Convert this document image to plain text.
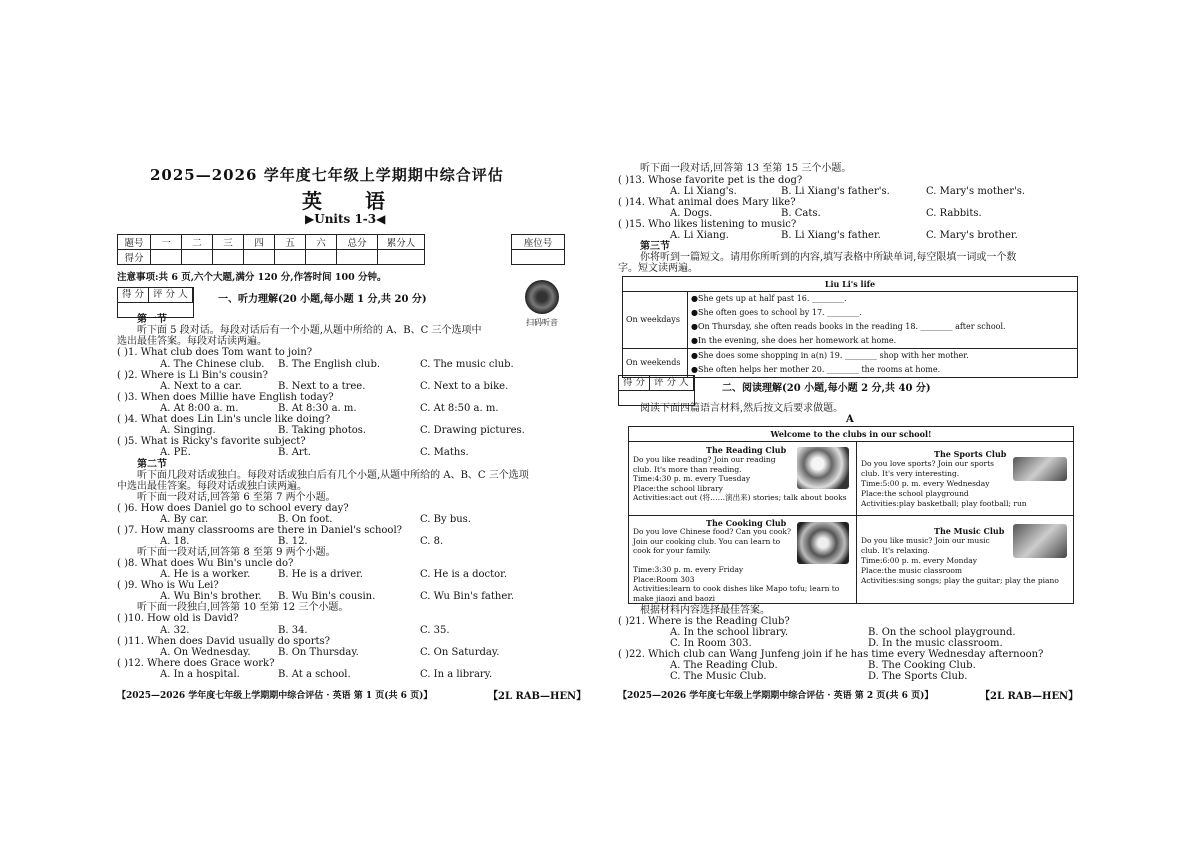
2025—2026 学年度七年级上学期期中综合评估
英 语
▶Units 1-3◀
题号	一	二	三	四	五	六	总分	累分人
得分								
座位号

注意事项:共 6 页,六个大题,满分 120 分,作答时间 100 分钟。
得 分 评 分 人	一、听力理解(20 小题,每小题 1 分,共 20 分)
扫码听音
第一节
听下面 5 段对话。每段对话后有一个小题,从题中所给的 A、B、C 三个选项中
选出最佳答案。每段对话读两遍。
( )1. What club does Tom want to join?
A. The Chinese club. B. The English club.	C. The music club.
( )2. Where is Li Bin's cousin?
A. Next to a car.	B. Next to a tree.	C. Next to a bike.
( )3. When does Millie have English today?
A. At 8:00 a. m.	B. At 8:30 a. m.	C. At 8:50 a. m.
( )4. What does Lin Lin's uncle like doing?
A. Singing.	B. Taking photos.	C. Drawing pictures.
( )5. What is Ricky's favorite subject?
A. PE.	B. Art.	C. Maths.
第二节
听下面几段对话或独白。每段对话或独白后有几个小题,从题中所给的 A、B、C 三个选项
中选出最佳答案。每段对话或独白读两遍。
听下面一段对话,回答第 6 至第 7 两个小题。
( )6. How does Daniel go to school every day?
A. By car.	B. On foot.	C. By bus.
( )7. How many classrooms are there in Daniel's school?
A. 18.	B. 12.	C. 8.
听下面一段对话,回答第 8 至第 9 两个小题。
( )8. What does Wu Bin's uncle do?
A. He is a worker.	B. He is a driver.	C. He is a doctor.
( )9. Who is Wu Lei?
A. Wu Bin's brother. B. Wu Bin's cousin.	C. Wu Bin's father.
听下面一段独白,回答第 10 至第 12 三个小题。
( )10. How old is David?
A. 32.	B. 34.	C. 35.
( )11. When does David usually do sports?
A. On Wednesday.	B. On Thursday.	C. On Saturday.
( )12. Where does Grace work?
A. In a hospital.	B. At a school.	C. In a library.
【2025—2026 学年度七年级上学期期中综合评估 · 英语 第 1 页(共 6 页)】	【2L RAB—HEN】
听下面一段对话,回答第 13 至第 15 三个小题。
( )13. Whose favorite pet is the dog?
A. Li Xiang's.	B. Li Xiang's father's.	C. Mary's mother's.
( )14. What animal does Mary like?
A. Dogs.	B. Cats.	C. Rabbits.
( )15. Who likes listening to music?
A. Li Xiang.	B. Li Xiang's father.	C. Mary's brother.
第三节
你将听到一篇短文。请用你所听到的内容,填写表格中所缺单词,每空限填一词或一个数
字。短文读两遍。
Liu Li's life	
On weekdays	●She gets up at half past 16. ________.
●She often goes to school by 17. ________.
●On Thursday, she often reads books in the reading 18. ________ after school.
●In the evening, she does her homework at home.

On weekends	●She does some shopping in a(n) 19. ________ shop with her mother.
●She often helps her mother 20. ________ the rooms at home.
得 分 评 分 人
二、阅读理解(20 小题,每小题 2 分,共 40 分)
阅读下面四篇语言材料,然后按文后要求做题。
A
Welcome to the clubs in our school!
The Reading Club
Do you like reading? Join our reading club. It's more than reading.
Time:4:30 p. m. every Tuesday
Place:the school library
Activities:act out (将……演出来) stories; talk about books
The Sports Club
Do you love sports? Join our sports club. It's very interesting.
Time:5:00 p. m. every Wednesday
Place:the school playground
Activities:play basketball; play football; run
The Cooking Club
Do you love Chinese food? Can you cook? Join our cooking club. You can learn to cook for your family.
Time:3:30 p. m. every Friday
Place:Room 303
Activities:learn to cook dishes like Mapo tofu; learn to make jiaozi and baozi
The Music Club
Do you like music? Join our music club. It's relaxing.
Time:6:00 p. m. every Monday
Place:the music classroom
Activities:sing songs; play the guitar; play the piano
根据材料内容选择最佳答案。
( )21. Where is the Reading Club?
A. In the school library.	B. On the school playground.
C. In Room 303.	D. In the music classroom.
( )22. Which club can Wang Junfeng join if he has time every Wednesday afternoon?
A. The Reading Club.	B. The Cooking Club.
C. The Music Club.	D. The Sports Club.
【2025—2026 学年度七年级上学期期中综合评估 · 英语 第 2 页(共 6 页)】	【2L RAB—HEN】
